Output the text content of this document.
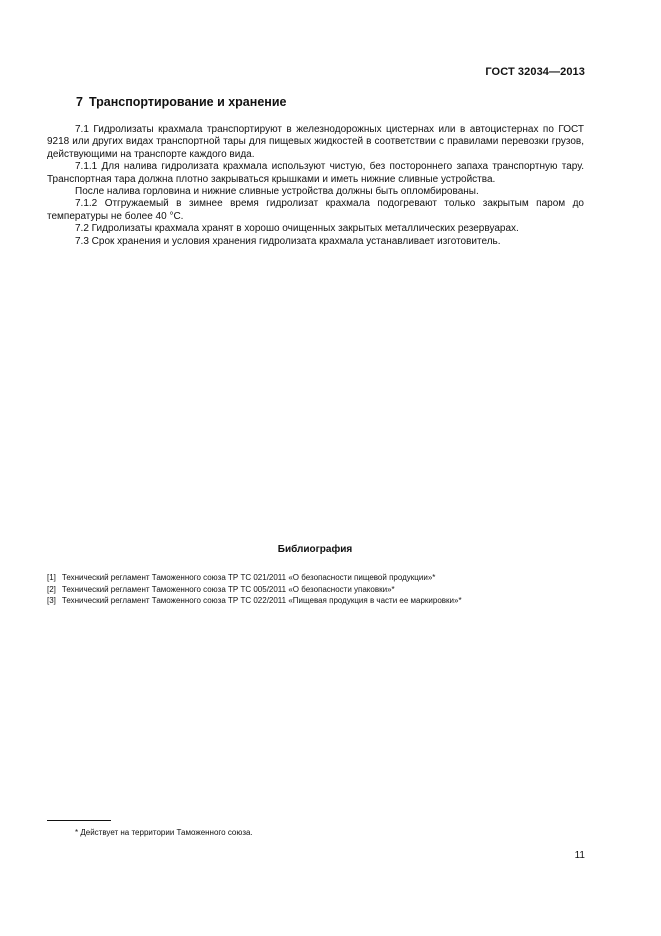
ГОСТ 32034—2013
7 Транспортирование и хранение

7.1 Гидролизаты крахмала транспортируют в железнодорожных цистернах или в автоцистернах по ГОСТ 9218 или других видах транспортной тары для пищевых жидкостей в соответствии с правилами перевозки грузов, действующими на транспорте каждого вида.

7.1.1 Для налива гидролизата крахмала используют чистую, без постороннего запаха транспортную тару. Транспортная тара должна плотно закрываться крышками и иметь нижние сливные устройства.

После налива горловина и нижние сливные устройства должны быть опломбированы.

7.1.2 Отгружаемый в зимнее время гидролизат крахмала подогревают только закрытым паром до температуры не более 40 °С.

7.2 Гидролизаты крахмала хранят в хорошо очищенных закрытых металлических резервуарах.

7.3 Срок хранения и условия хранения гидролизата крахмала устанавливает изготовитель.

Библиография
[1] Технический регламент Таможенного союза ТР ТС 021/2011 «О безопасности пищевой продукции»*
[2] Технический регламент Таможенного союза ТР ТС 005/2011 «О безопасности упаковки»*
[3] Технический регламент Таможенного союза ТР ТС 022/2011 «Пищевая продукция в части ее маркировки»*
* Действует на территории Таможенного союза.
11
